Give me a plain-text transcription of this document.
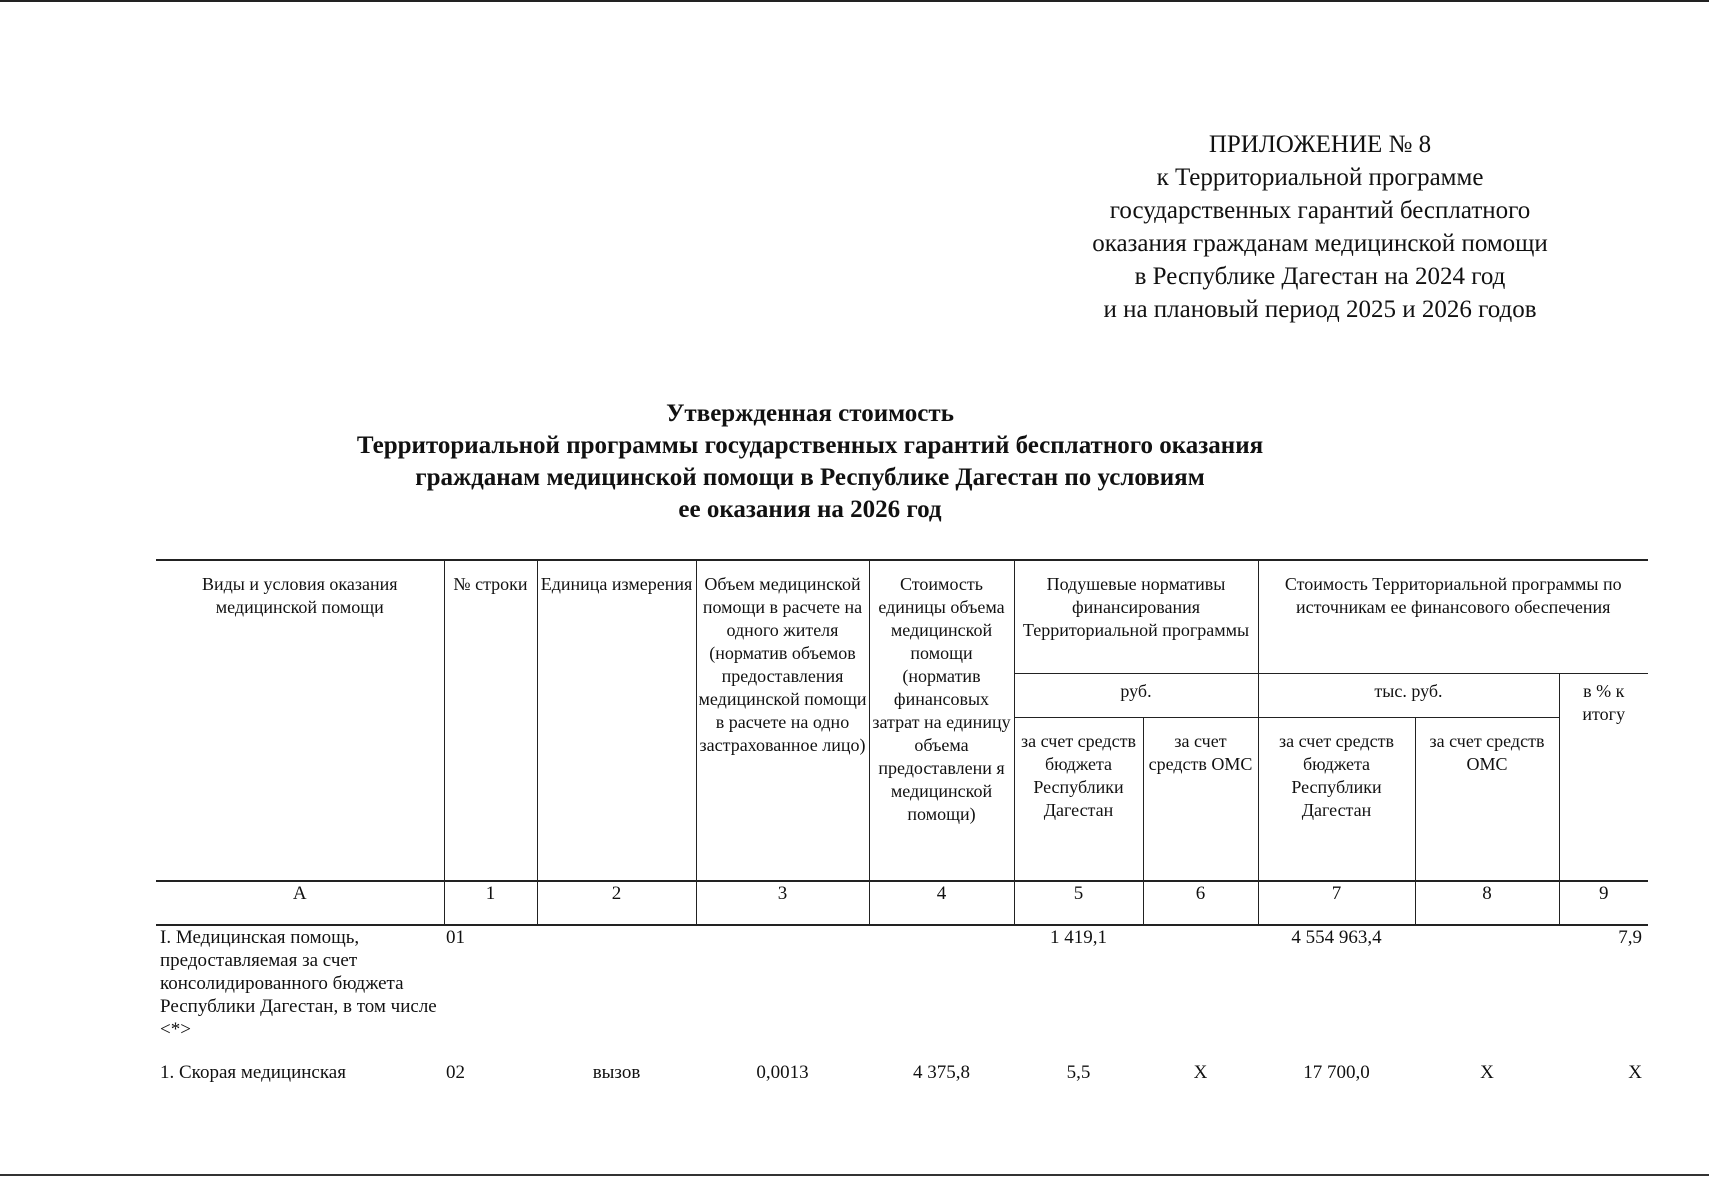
ПРИЛОЖЕНИЕ № 8
к Территориальной программе
государственных гарантий бесплатного
оказания гражданам медицинской помощи
в Республике Дагестан на 2024 год
и на плановый период 2025 и 2026 годов
Утвержденная стоимость
Территориальной программы государственных гарантий бесплатного оказания
гражданам медицинской помощи в Республике Дагестан по условиям
ее оказания на 2026 год
Виды и условия оказания медицинской помощи	№ строки	Единица измерения	Объем медицинской помощи в расчете на одного жителя (норматив объемов предоставления медицинской помощи в расчете на одно застрахованное лицо)	Стоимость единицы объема медицинской помощи (норматив финансовых затрат на единицу объема предоставлени я медицинской помощи)	Подушевые нормативы финансирования Территориальной программы		Стоимость Территориальной программы по источникам ее финансового обеспечения		
					руб.		тыс. руб.		в % к итогу
					за счет средств бюджета Республики Дагестан	за счет средств ОМС	за счет средств бюджета Республики Дагестан	за счет средств ОМС	
А	1	2	3	4	5	6	7	8	9
I. Медицинская помощь, предоставляемая за счет консолидированного бюджета Республики Дагестан, в том числе <*>	01				1 419,1		4 554 963,4		7,9
1. Скорая медицинская	02	вызов	0,0013	4 375,8	5,5	Х	17 700,0	Х	Х
